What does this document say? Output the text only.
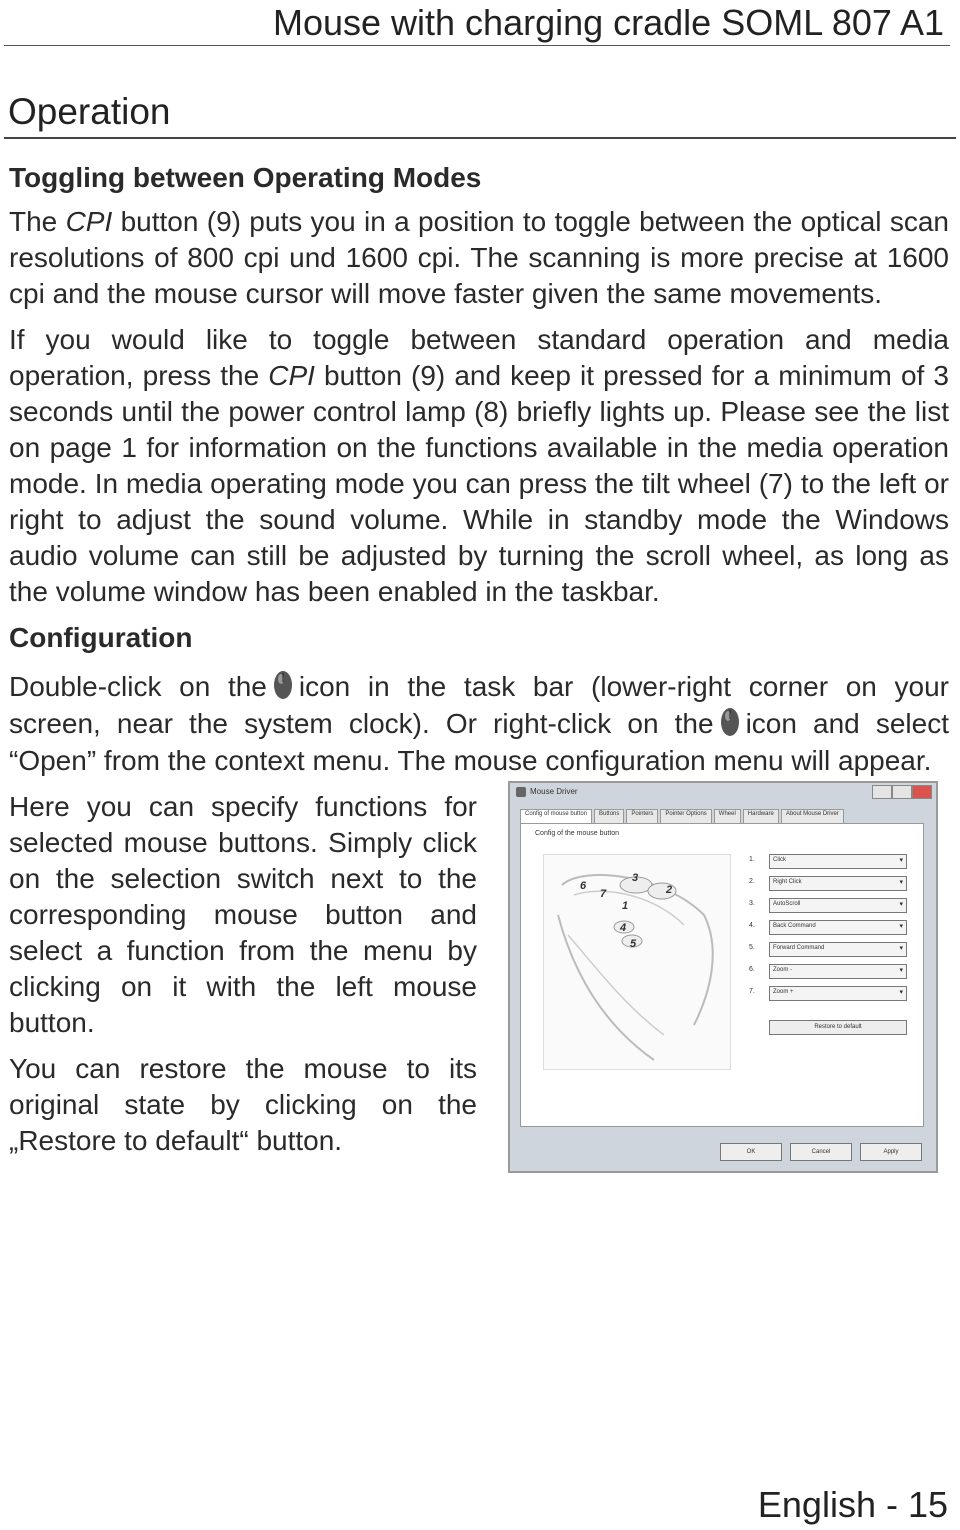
Mouse with charging cradle SOML 807 A1
Operation
Toggling between Operating Modes

The CPI button (9) puts you in a position to toggle between the optical scan resolutions of 800 cpi und 1600 cpi. The scanning is more precise at 1600 cpi and the mouse cursor will move faster given the same movements.

If you would like to toggle between standard operation and media operation, press the CPI button (9) and keep it pressed for a minimum of 3 seconds until the power control lamp (8) briefly lights up. Please see the list on page 1 for information on the functions available in the media operation mode. In media operating mode you can press the tilt wheel (7) to the left or right to adjust the sound volume. While in standby mode the Windows audio volume can still be adjusted by turning the scroll wheel, as long as the volume window has been enabled in the taskbar.

Configuration

Double-click on the icon in the task bar (lower-right corner on your screen, near the system clock). Or right-click on the icon and select “Open” from the context menu. The mouse configuration menu will appear.

Here you can specify functions for selected mouse buttons. Simply click on the selection switch next to the corresponding mouse button and select a function from the menu by clicking on it with the left mouse button.

You can restore the mouse to its original state by clicking on the „Restore to default“ button.

Mouse Driver
Config of mouse button	Buttons	Pointers	Pointer Options	Wheel	Hardware	About Mouse Driver
Config of the mouse button
6
7
3
1
2
4
5
1.	Click	▾
2.	Right Click	▾
3.	AutoScroll	▾
4.	Back Command	▾
5.	Forward Command	▾
6.	Zoom -	▾
7.	Zoom +	▾
Restore to default
OK	Cancel	Apply
English - 15
